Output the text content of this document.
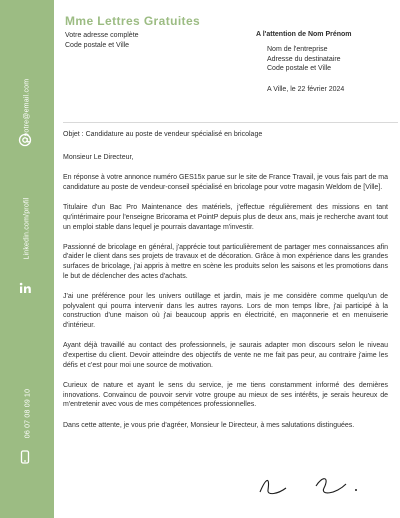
votre@email.com
Linkedin.com/profil
06 07 08 09 10
Mme Lettres Gratuites
Votre adresse complète
Code postale et Ville
A l'attention de Nom Prénom
Nom de l'entreprise
Adresse du destinataire
Code postale et Ville
A Ville, le 22 février 2024
Objet : Candidature au poste de vendeur spécialisé en bricolage

Monsieur Le Directeur,

En réponse à votre annonce numéro GES15x parue sur le site de France Travail, je vous fais part de ma candidature au poste de vendeur-conseil spécialisé en bricolage pour votre magasin Weldom de [Ville].

Titulaire d'un Bac Pro Maintenance des matériels, j'effectue régulièrement des missions en tant qu'intérimaire pour l'enseigne Bricorama et PointP depuis plus de deux ans, mais je recherche avant tout un emploi stable dans lequel je pourrais davantage m'investir.

Passionné de bricolage en général, j'apprécie tout particulièrement de partager mes connaissances afin d'aider le client dans ses projets de travaux et de décoration. Grâce à mon expérience dans les grandes surfaces de bricolage, j'ai appris à mettre en scène les produits selon les saisons et les promotions dans le but de déclencher des actes d'achats.

J'ai une préférence pour les univers outillage et jardin, mais je me considère comme quelqu'un de polyvalent qui pourra intervenir dans les autres rayons. Lors de mon temps libre, j'ai participé à la construction d'une maison où j'ai beaucoup appris en électricité, en maçonnerie et en menuiserie d'intérieur.

Ayant déjà travaillé au contact des professionnels, je saurais adapter mon discours selon le niveau d'expertise du client. Devoir atteindre des objectifs de vente ne me fait pas peur, au contraire j'aime les défis et c'est pour moi une source de motivation.

Curieux de nature et ayant le sens du service, je me tiens constamment informé des dernières innovations. Convaincu de pouvoir servir votre groupe au mieux de ses intérêts, je serais heureux de m'entretenir avec vous de mes compétences professionnelles.

Dans cette attente, je vous prie d'agréer, Monsieur le Directeur, à mes salutations distinguées.
